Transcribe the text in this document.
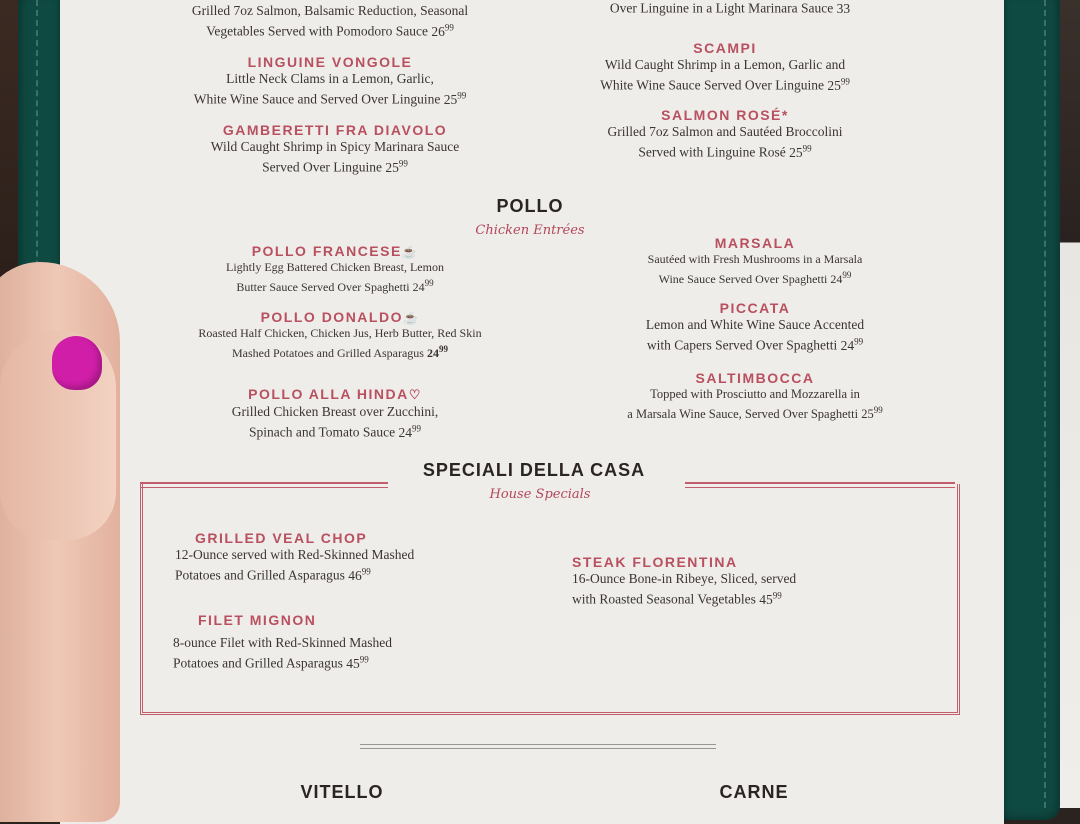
Grilled 7oz Salmon, Balsamic Reduction, Seasonal
Vegetables Served with Pomodoro Sauce $26^{99}$
Over Linguine in a Light Marinara Sauce 33
LINGUINE VONGOLE
Little Neck Clams in a Lemon, Garlic,
White Wine Sauce and Served Over Linguine $25^{99}$
SCAMPI
Wild Caught Shrimp in a Lemon, Garlic and
White Wine Sauce Served Over Linguine $25^{99}$
GAMBERETTI FRA DIAVOLO
Wild Caught Shrimp in Spicy Marinara Sauce
Served Over Linguine $25^{99}$
SALMON ROSÉ*
Grilled 7oz Salmon and Sautéed Broccolini
Served with Linguine Rosé $25^{99}$
POLLO
Chicken Entrées
POLLO FRANCESE☕
Lightly Egg Battered Chicken Breast, Lemon
Butter Sauce Served Over Spaghetti $24^{99}$
MARSALA
Sautéed with Fresh Mushrooms in a Marsala
Wine Sauce Served Over Spaghetti $24^{99}$
POLLO DONALDO☕
Roasted Half Chicken, Chicken Jus, Herb Butter, Red Skin
Mashed Potatoes and Grilled Asparagus $24^{99}$
PICCATA
Lemon and White Wine Sauce Accented
with Capers Served Over Spaghetti $24^{99}$
POLLO ALLA HINDA♡
Grilled Chicken Breast over Zucchini,
Spinach and Tomato Sauce $24^{99}$
SALTIMBOCCA
Topped with Prosciutto and Mozzarella in
a Marsala Wine Sauce, Served Over Spaghetti $25^{99}$
SPECIALI DELLA CASA
House Specials
GRILLED VEAL CHOP
12-Ounce served with Red-Skinned Mashed
Potatoes and Grilled Asparagus $46^{99}$
STEAK FLORENTINA
16-Ounce Bone-in Ribeye, Sliced, served
with Roasted Seasonal Vegetables $45^{99}$
FILET MIGNON
8-ounce Filet with Red-Skinned Mashed
Potatoes and Grilled Asparagus $45^{99}$
VITELLO	CARNE
